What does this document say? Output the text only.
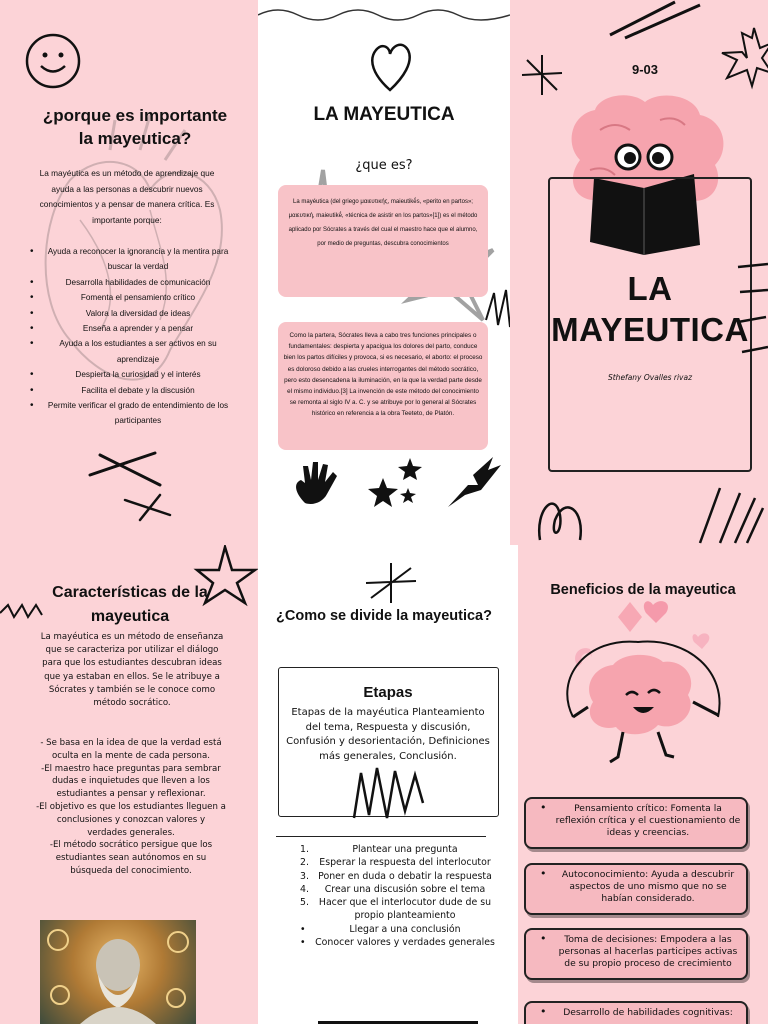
¿porque es importante
la mayeutica?

La mayéutica es un método de aprendizaje que ayuda a las personas a descubrir nuevos conocimientos y a pensar de manera crítica. Es importante porque:

• Ayuda a reconocer la ignorancia y la mentira para buscar la verdad
•	Desarrolla habilidades de comunicación
•	Fomenta el pensamiento crítico
•	Valora la diversidad de ideas
•	Enseña a aprender y a pensar
•	Ayuda a los estudiantes a ser activos en su aprendizaje
•	Despierta la curiosidad y el interés
•	Facilita el debate y la discusión
• Permite verificar el grado de entendimiento de los participantes
LA MAYEUTICA

¿que es?

La mayéutica (del griego μαιευτικής, maieutikḗs, «perito en partos»; μαιευτική, maieutikḗ, «técnica de asistir en los partos»[1]) es el método aplicado por Sócrates a través del cual el maestro hace que el alumno, por medio de preguntas, descubra conocimientos

Como la partera, Sócrates lleva a cabo tres funciones principales o fundamentales: despierta y apacigua los dolores del parto, conduce bien los partos difíciles y provoca, si es necesario, el aborto: el proceso es doloroso debido a las crueles interrogantes del método socrático, pero esto desencadena la iluminación, en la que la verdad parte desde el mismo individuo.[3] La invención de este método del conocimiento se remonta al siglo IV a. C. y se atribuye por lo general al Sócrates histórico en referencia a la obra Teeteto, de Platón.

9-03

LA
MAYEUTICA

Sthefany Ovalles rivaz

Características de la
mayeutica

La mayéutica es un método de enseñanza que se caracteriza por utilizar el diálogo para que los estudiantes descubran ideas que ya estaban en ellos. Se le atribuye a Sócrates y también se le conoce como método socrático.

- Se basa en la idea de que la verdad está oculta en la mente de cada persona.

-El maestro hace preguntas para sembrar dudas e inquietudes que lleven a los estudiantes a pensar y reflexionar.

-El objetivo es que los estudiantes lleguen a conclusiones y conozcan valores y verdades generales.

-El método socrático persigue que los estudiantes sean autónomos en su búsqueda del conocimiento.

¿Como se divide la mayeutica?
Etapas

Etapas de la mayéutica Planteamiento del tema, Respuesta y discusión, Confusión y desorientación, Definiciones más generales, Conclusión.

1.	Plantear una pregunta
2. Esperar la respuesta del interlocutor
3. Poner en duda o debatir la respuesta
4. Crear una discusión sobre el tema
5. Hacer que el interlocutor dude de su propio planteamiento
•	Llegar a una conclusión
• Conocer valores y verdades generales
Beneficios de la mayeutica
•	Pensamiento crítico: Fomenta la reflexión crítica y el cuestionamiento de ideas y creencias.

•	Autoconocimiento: Ayuda a descubrir aspectos de uno mismo que no se habían considerado.

•	Toma de decisiones: Empodera a las personas al hacerlas participes activas de su propio proceso de crecimiento

•	Desarrollo de habilidades cognitivas:
